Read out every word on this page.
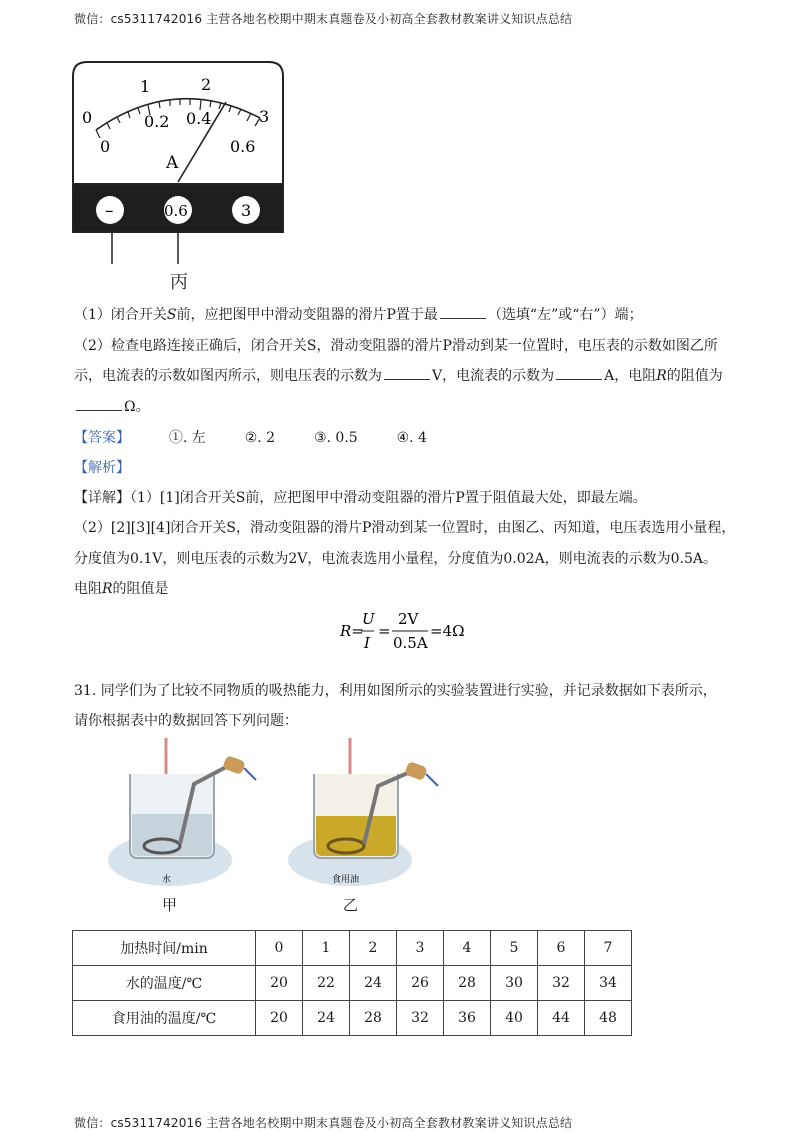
微信：cs5311742016 主营各地名校期中期末真题卷及小初高全套教材教案讲义知识点总结
微信：cs5311742016 主营各地名校期中期末真题卷及小初高全套教材教案讲义知识点总结
0
1	2
3
0
0.2 0.4
0.6
A
–	0.6	3
丙
（1）闭合开关S前，应把图甲中滑动变阻器的滑片P置于最	（选填“左”或“右”）端；
（2）检查电路连接正确后，闭合开关S，滑动变阻器的滑片P滑动到某一位置时，电压表的示数如图乙所
示，电流表的示数如图丙所示，则电压表的示数为	V，电流表的示数为	A，电阻R的阻值为
Ω。
【答案】	①. 左	②. 2	③. 0.5	④. 4
【解析】
【详解】（1）[1]闭合开关S前，应把图甲中滑动变阻器的滑片P置于阻值最大处，即最左端。
（2）[2][3][4]闭合开关S，滑动变阻器的滑片P滑动到某一位置时，由图乙、丙知道，电压表选用小量程，
分度值为0.1V，则电压表的示数为2V，电流表选用小量程，分度值为0.02A，则电流表的示数为0.5A。
电阻R的阻值是
R=
U
I
=
2V
0.5A
=4Ω
31. 同学们为了比较不同物质的吸热能力，利用如图所示的实验装置进行实验，并记录数据如下表所示，
请你根据表中的数据回答下列问题：
水	食用油
甲	乙
加热时间/min	0	1	2	3	4	5	6	7
水的温度/℃	20	22	24	26	28	30	32	34
食用油的温度/℃	20	24	28	32	36	40	44	48
